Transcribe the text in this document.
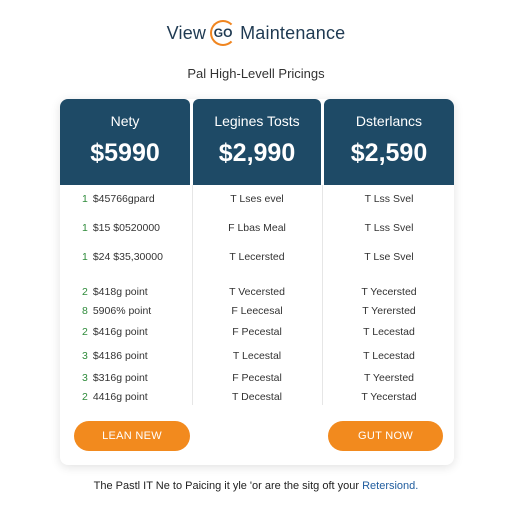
View GO Maintenance
Pal High-Levell Pricings
Nety
$5990
Legines Tosts
$2,990
Dsterlancs
$2,590
1 $45766gpard	T Lses evel	T Lss Svel
1 $15 $0520000	F Lbas Meal	T Lss Svel
1 $24 $35,30000	T Lecersted	T Lse Svel
2 $418g point	T Vecersted	T Yecersted
8 5906% point	F Leecesal	T Yerersted
2 $416g point	F Pecestal	T Lecestad
3 $4186 point	T Lecestal	T Lecestad
3 $316g point	F Pecestal	T Yeersted
2 4416g point	T Decestal	T Yecerstad
LEAN NEW	GUT NOW
The Pastl IT Ne to Paicing it yle 'or are the sitg oft your Retersiond.
